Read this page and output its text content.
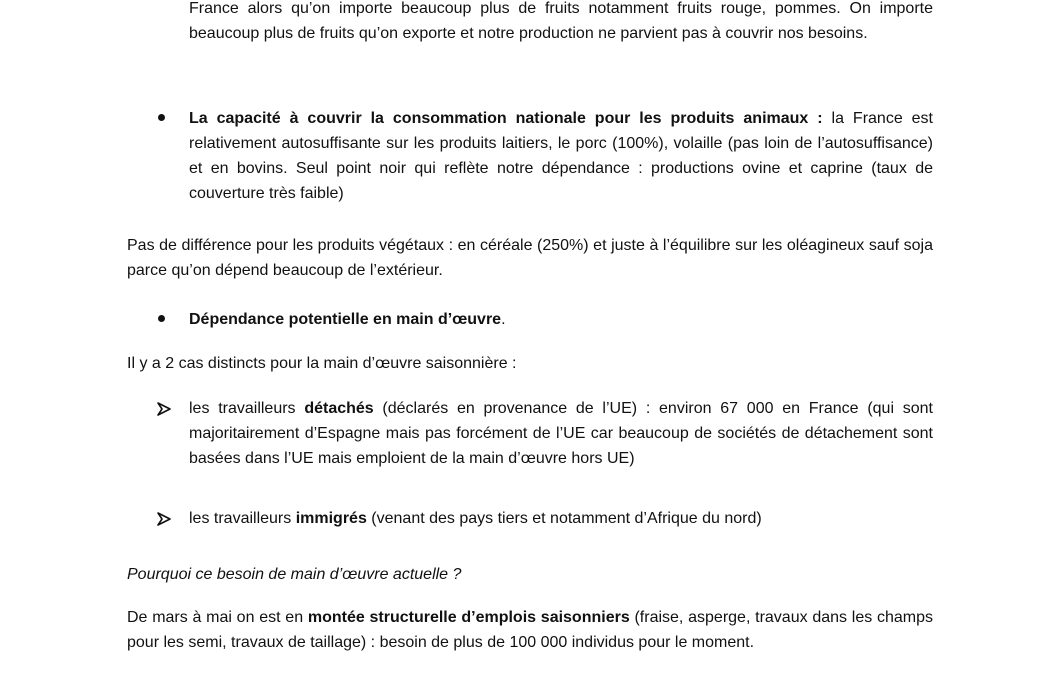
France alors qu’on importe beaucoup plus de fruits notamment fruits rouge, pommes. On importe beaucoup plus de fruits qu’on exporte et notre production ne parvient pas à couvrir nos besoins.
La capacité à couvrir la consommation nationale pour les produits animaux : la France est relativement autosuffisante sur les produits laitiers, le porc (100%), volaille (pas loin de l’autosuffisance) et en bovins. Seul point noir qui reflète notre dépendance : productions ovine et caprine (taux de couverture très faible)
Pas de différence pour les produits végétaux : en céréale (250%) et juste à l’équilibre sur les oléagineux sauf soja parce qu’on dépend beaucoup de l’extérieur.
Dépendance potentielle en main d’œuvre.
Il y a 2 cas distincts pour la main d’œuvre saisonnière :
les travailleurs détachés (déclarés en provenance de l’UE) : environ 67 000 en France (qui sont majoritairement d’Espagne mais pas forcément de l’UE car beaucoup de sociétés de détachement sont basées dans l’UE mais emploient de la main d’œuvre hors UE)
les travailleurs immigrés (venant des pays tiers et notamment d’Afrique du nord)
Pourquoi ce besoin de main d’œuvre actuelle ?
De mars à mai on est en montée structurelle d’emplois saisonniers (fraise, asperge, travaux dans les champs pour les semi, travaux de taillage) : besoin de plus de 100 000 individus pour le moment.
